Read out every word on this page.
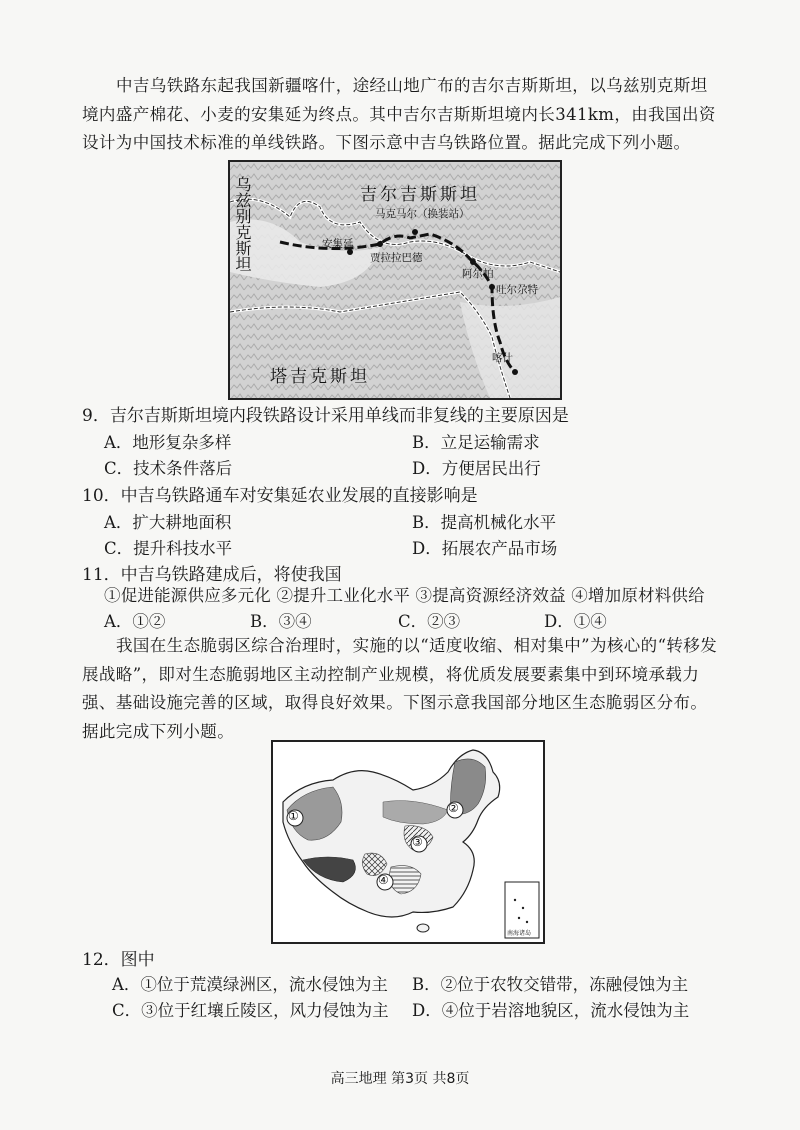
中吉乌铁路东起我国新疆喀什，途经山地广布的吉尔吉斯斯坦，以乌兹别克斯坦境内盛产棉花、小麦的安集延为终点。其中吉尔吉斯斯坦境内长341km，由我国出资设计为中国技术标准的单线铁路。下图示意中吉乌铁路位置。据此完成下列小题。

吉尔吉斯斯坦
乌兹别克斯坦
塔吉克斯坦
马克马尔（换装站）
安集延
贾拉拉巴德
阿尔帕
吐尔尕特
喀什

9．吉尔吉斯斯坦境内段铁路设计采用单线而非复线的主要原因是

A．地形复杂多样	B．立足运输需求
C．技术条件落后	D．方便居民出行

10．中吉乌铁路通车对安集延农业发展的直接影响是

A．扩大耕地面积	B．提高机械化水平
C．提升科技水平	D．拓展农产品市场

11．中吉乌铁路建成后，将使我国

①促进能源供应多元化 ②提升工业化水平 ③提高资源经济效益 ④增加原材料供给
A．①②	B．③④	C．②③	D．①④

我国在生态脆弱区综合治理时，实施的以“适度收缩、相对集中”为核心的“转移发展战略”，即对生态脆弱地区主动控制产业规模，将优质发展要素集中到环境承载力强、基础设施完善的区域，取得良好效果。下图示意我国部分地区生态脆弱区分布。据此完成下列小题。

①
②
③
④
南海诸岛

12．图中

A．①位于荒漠绿洲区，流水侵蚀为主 B．②位于农牧交错带，冻融侵蚀为主
C．③位于红壤丘陵区，风力侵蚀为主 D．④位于岩溶地貌区，流水侵蚀为主
高三地理 第3页 共8页
